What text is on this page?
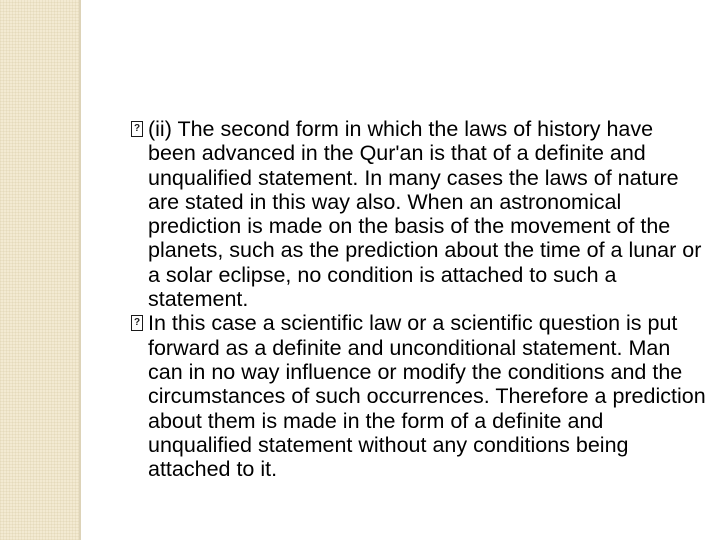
? (ii) The second form in which the laws of history have been advanced in the Qur'an is that of a definite and unqualified statement. In many cases the laws of nature are stated in this way also. When an astronomical prediction is made on the basis of the movement of the planets, such as the prediction about the time of a lunar or a solar eclipse, no condition is attached to such a statement.
? In this case a scientific law or a scientific question is put forward as a definite and unconditional statement. Man can in no way influence or modify the conditions and the circumstances of such occurrences. Therefore a prediction about them is made in the form of a definite and unqualified statement without any conditions being attached to it.
